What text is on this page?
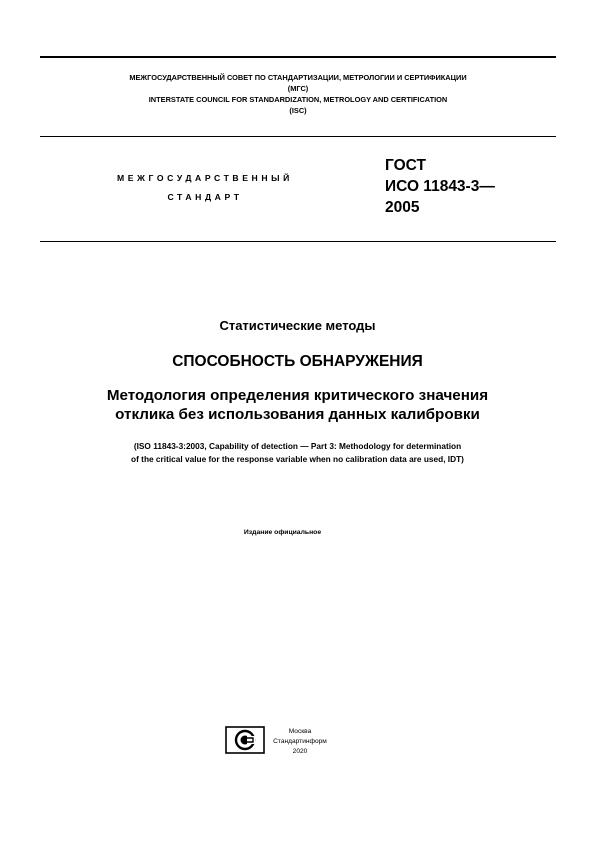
МЕЖГОСУДАРСТВЕННЫЙ СОВЕТ ПО СТАНДАРТИЗАЦИИ, МЕТРОЛОГИИ И СЕРТИФИКАЦИИ
(МГС)
INTERSTATE COUNCIL FOR STANDARDIZATION, METROLOGY AND CERTIFICATION
(ISC)
МЕЖГОСУДАРСТВЕННЫЙ
СТАНДАРТ
ГОСТ
ИСО 11843-3—
2005
Статистические методы
СПОСОБНОСТЬ ОБНАРУЖЕНИЯ
Методология определения критического значения
отклика без использования данных калибровки
(ISO 11843-3:2003, Capability of detection — Part 3: Methodology for determination
of the critical value for the response variable when no calibration data are used, IDT)
Издание официальное
Москва
Стандартинформ
2020
